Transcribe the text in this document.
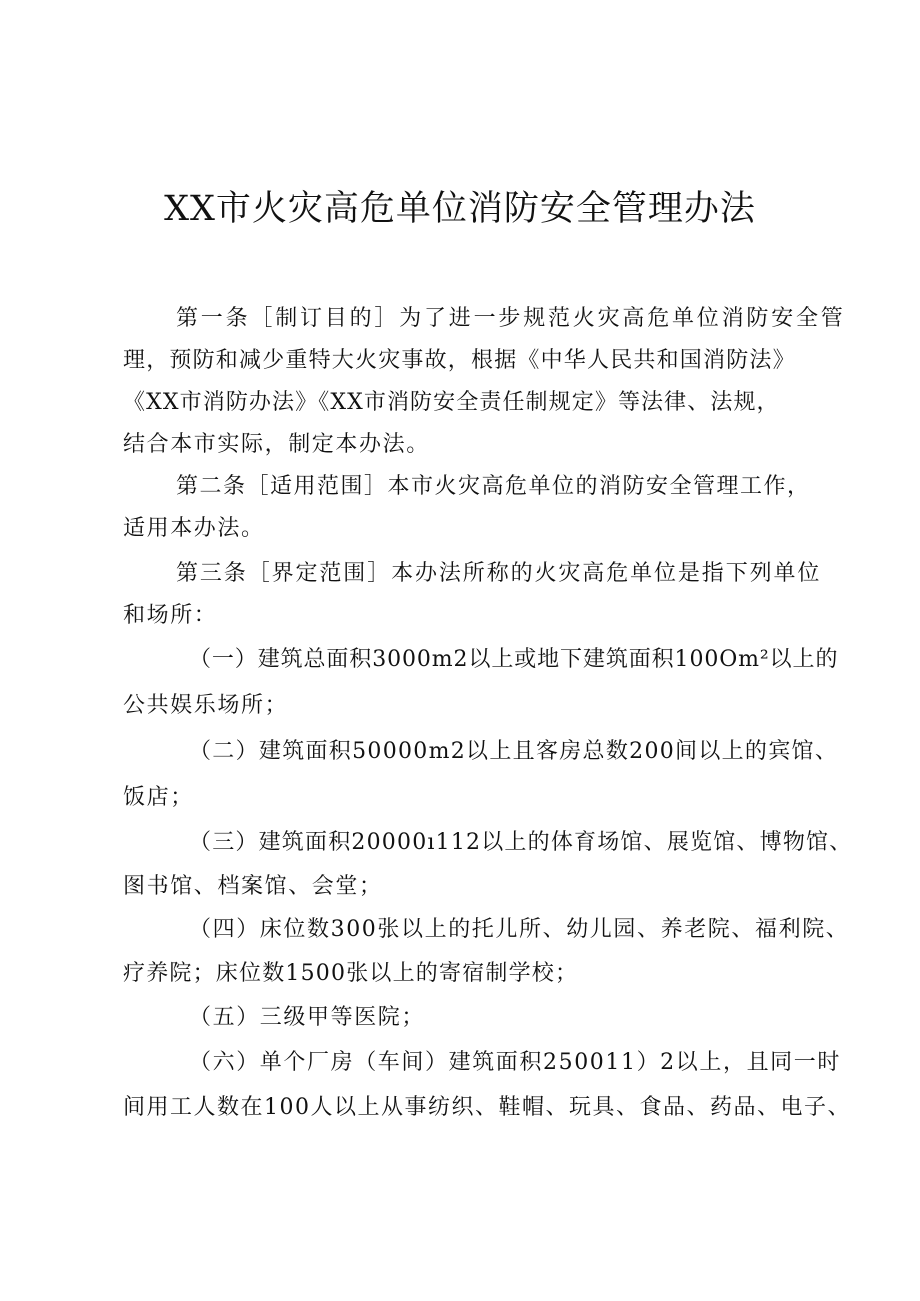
XX市火灾高危单位消防安全管理办法
第一条［制订目的］为了进一步规范火灾高危单位消防安全管
理，预防和减少重特大火灾事故，根据《中华人民共和国消防法》
《XX市消防办法》《XX市消防安全责任制规定》等法律、法规，
结合本市实际，制定本办法。
第二条［适用范围］本市火灾高危单位的消防安全管理工作，
适用本办法。
第三条［界定范围］本办法所称的火灾高危单位是指下列单位
和场所：
（一）建筑总面积3000m2以上或地下建筑面积100Om²以上的
公共娱乐场所；
（二）建筑面积50000m2以上且客房总数200间以上的宾馆、
饭店；
（三）建筑面积20000ı112以上的体育场馆、展览馆、博物馆、
图书馆、档案馆、会堂；
（四）床位数300张以上的托儿所、幼儿园、养老院、福利院、
疗养院；床位数1500张以上的寄宿制学校；
（五）三级甲等医院；
（六）单个厂房（车间）建筑面积250011）2以上，且同一时
间用工人数在100人以上从事纺织、鞋帽、玩具、食品、药品、电子、
